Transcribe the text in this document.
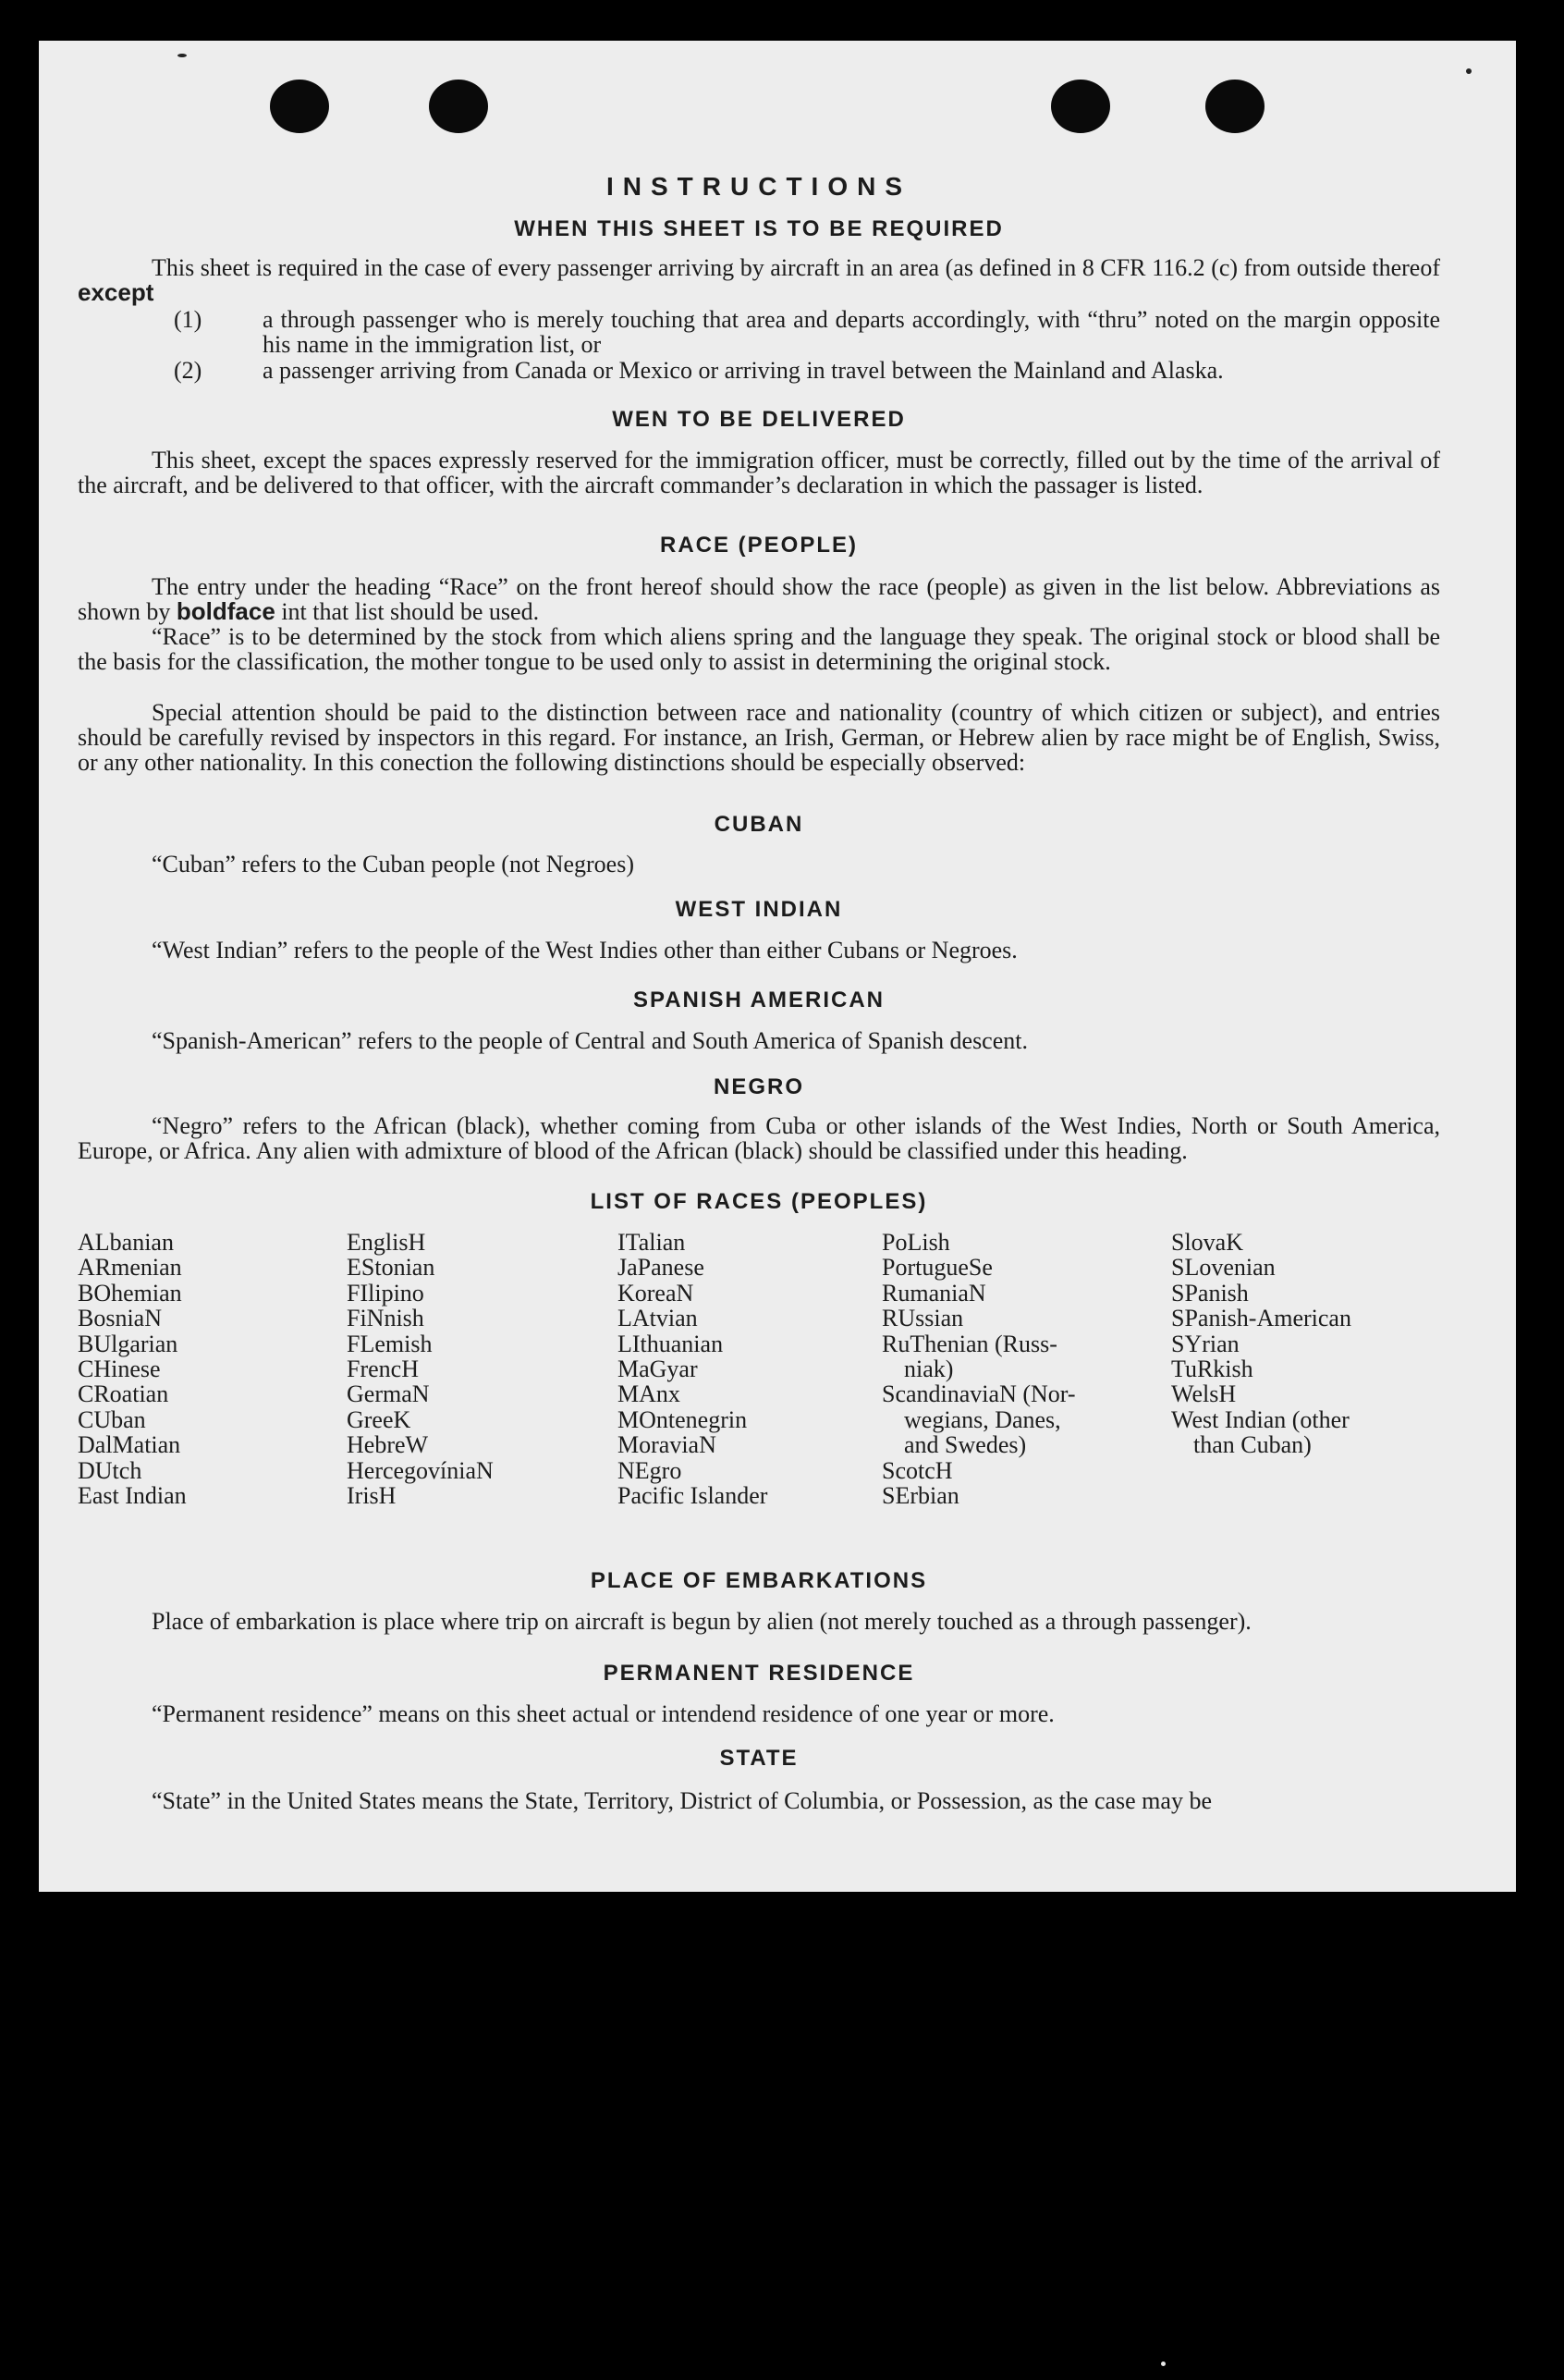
INSTRUCTIONS
WHEN THIS SHEET IS TO BE REQUIRED
This sheet is required in the case of every passenger arriving by aircraft in an area (as defined in 8 CFR 116.2 (c) from outside thereof except
(1)	a through passenger who is merely touching that area and departs accordingly, with “thru” noted on the margin opposite his name in the immigration list, or
(2)	a passenger arriving from Canada or Mexico or arriving in travel between the Mainland and Alaska.
WEN TO BE DELIVERED
This sheet, except the spaces expressly reserved for the immigration officer, must be correctly, filled out by the time of the arrival of the aircraft, and be delivered to that officer, with the aircraft commander’s declaration in which the passager is listed.
RACE (PEOPLE)
The entry under the heading “Race” on the front hereof should show the race (people) as given in the list below. Abbreviations as shown by boldface int that list should be used.
“Race” is to be determined by the stock from which aliens spring and the language they speak. The original stock or blood shall be the basis for the classification, the mother tongue to be used only to assist in determining the original stock.
Special attention should be paid to the distinction between race and nationality (country of which citizen or subject), and entries should be carefully revised by inspectors in this regard. For instance, an Irish, German, or Hebrew alien by race might be of English, Swiss, or any other nationality. In this conection the following distinctions should be especially observed:
CUBAN
“Cuban” refers to the Cuban people (not Negroes)
WEST INDIAN
“West Indian” refers to the people of the West Indies other than either Cubans or Negroes.
SPANISH AMERICAN
“Spanish-American” refers to the people of Central and South America of Spanish descent.
NEGRO
“Negro” refers to the African (black), whether coming from Cuba or other islands of the West Indies, North or South America, Europe, or Africa. Any alien with admixture of blood of the African (black) should be classified under this heading.
LIST OF RACES (PEOPLES)
ALbanian
ARmenian
BOhemian
BosniaN
BUlgarian
CHinese
CRoatian
CUban
DalMatian
DUtch
East Indian
EnglisH
EStonian
FIlipino
FiNnish
FLemish
FrencH
GermaN
GreeK
HebreW
HercegovíniaN
IrisH
ITalian
JaPanese
KoreaN
LAtvian
LIthuanian
MaGyar
MAnx
MOntenegrin
MoraviaN
NEgro
Pacific Islander
PoLish
PortugueSe
RumaniaN
RUssian
RuThenian (Russ-
niak)
ScandinaviaN (Nor-
wegians, Danes,
and Swedes)
ScotcH
SErbian
SlovaK
SLovenian
SPanish
SPanish-American
SYrian
TuRkish
WelsH
West Indian (other
than Cuban)
PLACE OF EMBARKATIONS
Place of embarkation is place where trip on aircraft is begun by alien (not merely touched as a through passenger).
PERMANENT RESIDENCE
“Permanent residence” means on this sheet actual or intendend residence of one year or more.
STATE
“State” in the United States means the State, Territory, District of Columbia, or Possession, as the case may be
